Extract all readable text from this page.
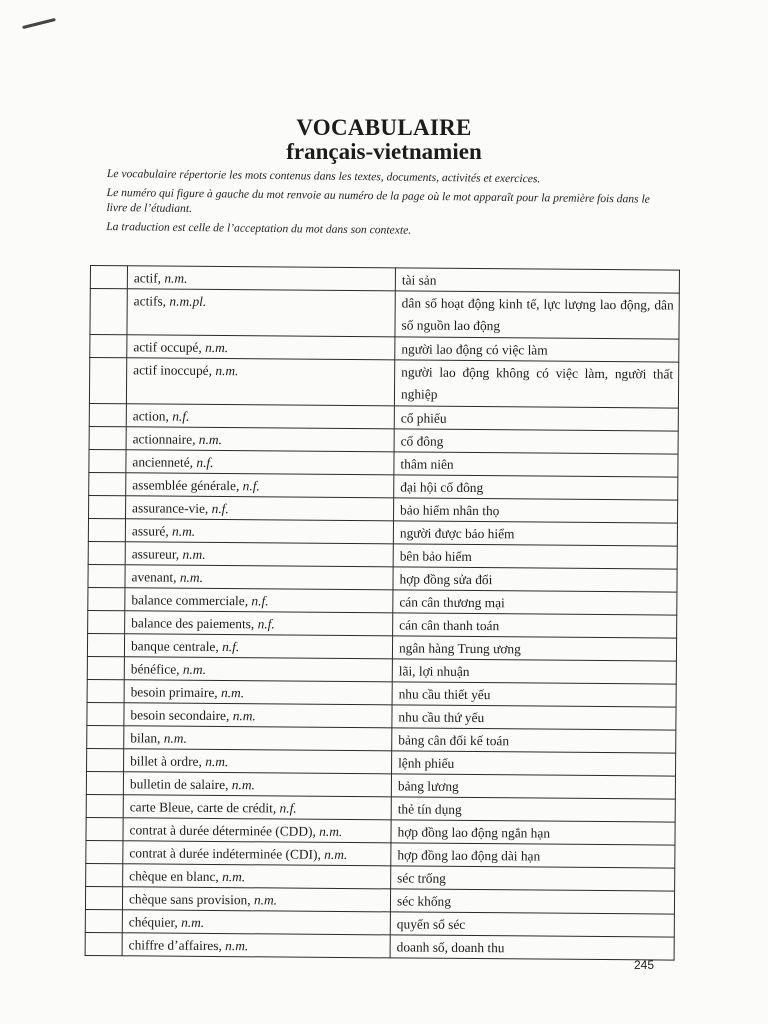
VOCABULAIRE
français-vietnamien

Le vocabulaire répertorie les mots contenus dans les textes, documents, activités et exercices.

Le numéro qui figure à gauche du mot renvoie au numéro de la page où le mot apparaît pour la première fois dans le livre de l’étudiant.

La traduction est celle de l’acceptation du mot dans son contexte.

	actif, n.m.	tài sản
	actifs, n.m.pl.	dân số hoạt động kinh tế, lực lượng lao động, dân số nguồn lao động
	actif occupé, n.m.	người lao động có việc làm
	actif inoccupé, n.m.	người lao động không có việc làm, người thất nghiệp
	action, n.f.	cổ phiếu
	actionnaire, n.m.	cổ đông
	ancienneté, n.f.	thâm niên
	assemblée générale, n.f.	đại hội cổ đông
	assurance-vie, n.f.	bảo hiểm nhân thọ
	assuré, n.m.	người được bảo hiểm
	assureur, n.m.	bên bảo hiểm
	avenant, n.m.	hợp đồng sửa đổi
	balance commerciale, n.f.	cán cân thương mại
	balance des paiements, n.f.	cán cân thanh toán
	banque centrale, n.f.	ngân hàng Trung ương
	bénéfice, n.m.	lãi, lợi nhuận
	besoin primaire, n.m.	nhu cầu thiết yếu
	besoin secondaire, n.m.	nhu cầu thứ yếu
	bilan, n.m.	bảng cân đối kế toán
	billet à ordre, n.m.	lệnh phiếu
	bulletin de salaire, n.m.	bảng lương
	carte Bleue, carte de crédit, n.f.	thẻ tín dụng
	contrat à durée déterminée (CDD), n.m.	hợp đồng lao động ngắn hạn
	contrat à durée indéterminée (CDI), n.m.	hợp đồng lao động dài hạn
	chèque en blanc, n.m.	séc trống
	chèque sans provision, n.m.	séc khống
	chéquier, n.m.	quyển sổ séc
	chiffre d’affaires, n.m.	doanh số, doanh thu
245
